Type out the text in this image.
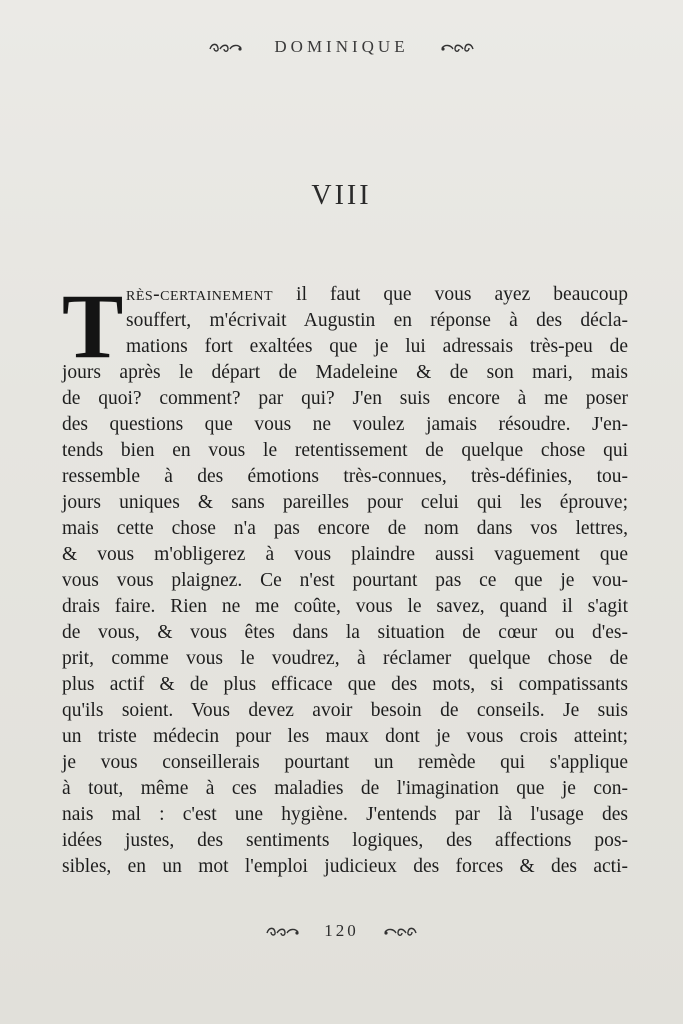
DOMINIQUE
VIII
T rès-certainement il faut que vous ayez beaucoup
souffert, m'écrivait Augustin en réponse à des décla-
mations fort exaltées que je lui adressais très-peu de
jours après le départ de Madeleine & de son mari, mais
de quoi? comment? par qui? J'en suis encore à me poser
des questions que vous ne voulez jamais résoudre. J'en-
tends bien en vous le retentissement de quelque chose qui
ressemble à des émotions très-connues, très-définies, tou-
jours uniques & sans pareilles pour celui qui les éprouve;
mais cette chose n'a pas encore de nom dans vos lettres,
& vous m'obligerez à vous plaindre aussi vaguement que
vous vous plaignez. Ce n'est pourtant pas ce que je vou-
drais faire. Rien ne me coûte, vous le savez, quand il s'agit
de vous, & vous êtes dans la situation de cœur ou d'es-
prit, comme vous le voudrez, à réclamer quelque chose de
plus actif & de plus efficace que des mots, si compatissants
qu'ils soient. Vous devez avoir besoin de conseils. Je suis
un triste médecin pour les maux dont je vous crois atteint;
je vous conseillerais pourtant un remède qui s'applique
à tout, même à ces maladies de l'imagination que je con-
nais mal : c'est une hygiène. J'entends par là l'usage des
idées justes, des sentiments logiques, des affections pos-
sibles, en un mot l'emploi judicieux des forces & des acti-
120
